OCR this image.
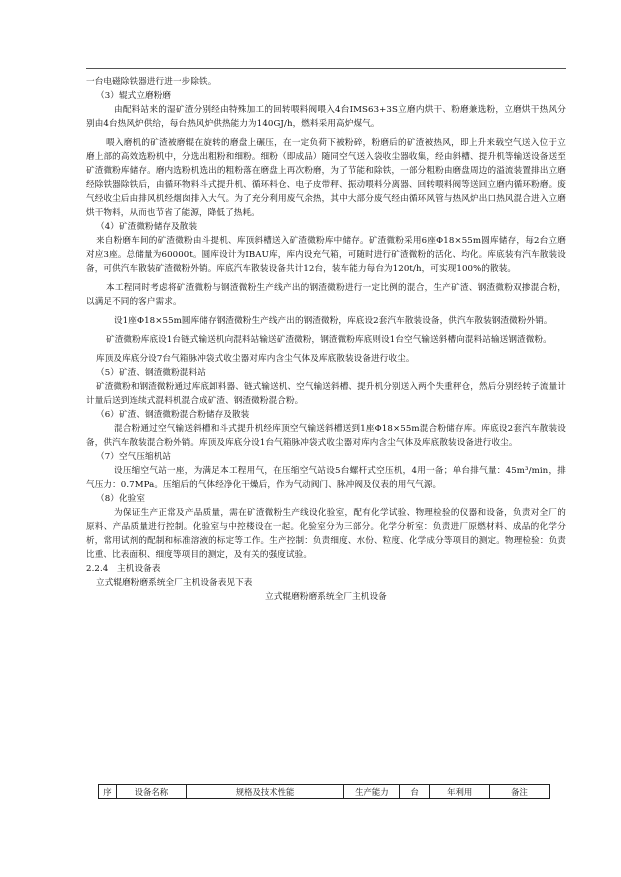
一台电磁除铁器进行进一步除铁。

（3）辊式立磨粉磨

由配料站来的湿矿渣分别经由特殊加工的回转喂料阀喂入4台IMS63+3S立磨内烘干、粉磨兼选粉，立磨烘干热风分别由4台热风炉供给，每台热风炉供热能力为140GJ/h，燃料采用高炉煤气。

喂入磨机的矿渣被磨辊在旋转的磨盘上碾压，在一定负荷下被粉碎，粉磨后的矿渣被热风，即上升来载空气送入位于立磨上部的高效选粉机中，分选出粗粉和细粉。细粉（即成品）随同空气送入袋收尘器收集，经由斜槽、提升机等输送设备送至矿渣微粉库储存。磨内选粉机选出的粗粉落在磨盘上再次粉磨，为了节能和除铁，一部分粗粉由磨盘周边的溢流装置排出立磨经除铁器除铁后，由循环物料斗式提升机、循环料仓、电子皮带秤、振动喂料分离器、回转喂料阀等送回立磨内循环粉磨。废气经收尘后由排风机经烟囱排入大气。为了充分利用废气余热，其中大部分废气经由循环风管与热风炉出口热风混合进入立磨烘干物料，从而也节省了能源，降低了热耗。

（4）矿渣微粉储存及散装

来自粉磨车间的矿渣微粉由斗提机、库顶斜槽送入矿渣微粉库中储存。矿渣微粉采用6座Φ18×55m圆库储存，每2台立磨对应3座。总储量为60000t。圆库设计为IBAU库，库内设充气箱，可随时进行矿渣微粉的活化、均化。库底装有汽车散装设备，可供汽车散装矿渣微粉外销。库底汽车散装设备共计12台，装车能力每台为120t/h，可实现100%的散装。

本工程同时考虑将矿渣微粉与钢渣微粉生产线产出的钢渣微粉进行一定比例的混合，生产矿渣、钢渣微粉双掺混合粉，以满足不同的客户需求。

设1座Φ18×55m圆库储存钢渣微粉生产线产出的钢渣微粉，库底设2套汽车散装设备，供汽车散装钢渣微粉外销。

矿渣微粉库底设1台链式输送机向混料站输送矿渣微粉，钢渣微粉库底则设1台空气输送斜槽向混料站输送钢渣微粉。

库顶及库底分设7台气箱脉冲袋式收尘器对库内含尘气体及库底散装设备进行收尘。

（5）矿渣、钢渣微粉混料站

矿渣微粉和钢渣微粉通过库底卸料器、链式输送机、空气输送斜槽、提升机分别送入两个失重秤仓，然后分别经转子流量计计量后送到连续式混料机混合成矿渣、钢渣微粉混合粉。

（6）矿渣、钢渣微粉混合粉储存及散装

混合粉通过空气输送斜槽和斗式提升机经库顶空气输送斜槽送到1座Φ18×55m混合粉储存库。库底设2套汽车散装设备，供汽车散装混合粉外销。库顶及库底分设1台气箱脉冲袋式收尘器对库内含尘气体及库底散装设备进行收尘。

（7）空气压缩机站

设压缩空气站一座，为满足本工程用气，在压缩空气站设5台螺杆式空压机，4用一备；单台排气量：45m³/min，排气压力：0.7MPa。压缩后的气体经净化干燥后，作为气动阀门、脉冲阀及仪表的用气气源。

（8）化验室

为保证生产正常及产品质量，需在矿渣微粉生产线设化验室，配有化学试验、物理检验的仪器和设备，负责对全厂的原料、产品质量进行控制。化验室与中控楼设在一起。化验室分为三部分。化学分析室：负责进厂原燃材料、成品的化学分析，常用试剂的配制和标准溶液的标定等工作。生产控制：负责细度、水份、粒度、化学成分等项目的测定。物理检验：负责比重、比表面积、细度等项目的测定，及有关的强度试验。

2.2.4　主机设备表

立式辊磨粉磨系统全厂主机设备表见下表

立式辊磨粉磨系统全厂主机设备

序	设备名称	规格及技术性能	生产能力	台	年利用	备注
